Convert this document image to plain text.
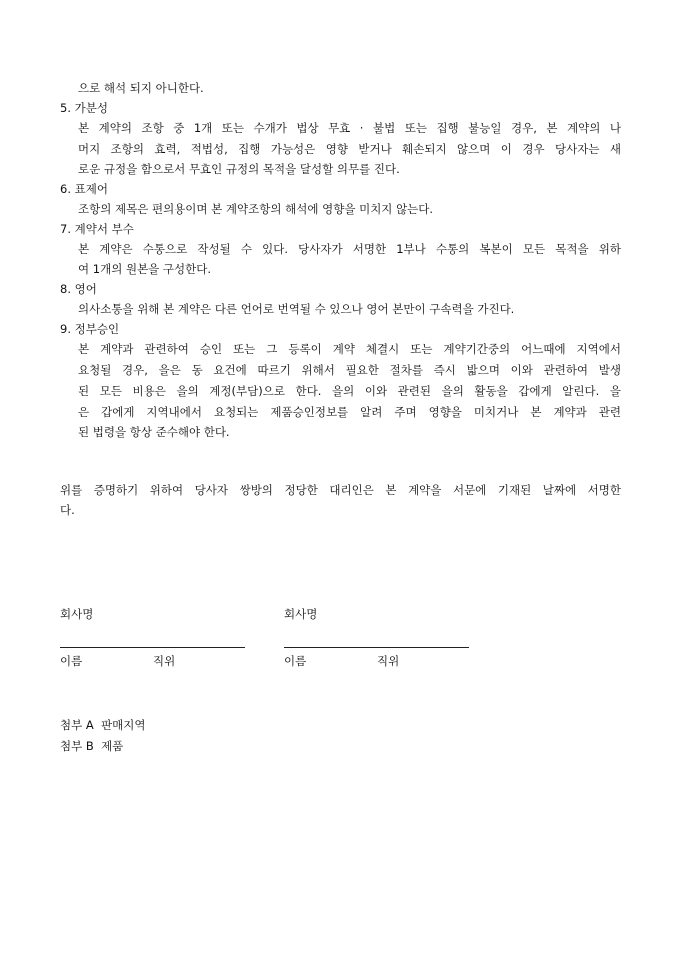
으로 해석 되지 아니한다.
5. 가분성
본 계약의 조항 중 1개 또는 수개가 법상 무효 · 불법 또는 집행 불능일 경우, 본 계약의 나
머지 조항의 효력, 적법성, 집행 가능성은 영향 받거나 훼손되지 않으며 이 경우 당사자는 새
로운 규정을 함으로서 무효인 규정의 목적을 달성할 의무를 진다.
6. 표제어
조항의 제목은 편의용이며 본 계약조항의 해석에 영향을 미치지 않는다.
7. 계약서 부수
본 계약은 수통으로 작성될 수 있다. 당사자가 서명한 1부나 수통의 복본이 모든 목적을 위하
여 1개의 원본을 구성한다.
8. 영어
의사소통을 위해 본 계약은 다른 언어로 번역될 수 있으나 영어 본만이 구속력을 가진다.
9. 정부승인
본 계약과 관련하여 승인 또는 그 등록이 계약 체결시 또는 계약기간중의 어느때에 지역에서
요청될 경우, 을은 동 요건에 따르기 위해서 필요한 절차를 즉시 밟으며 이와 관련하여 발생
된 모든 비용은 을의 계정(부담)으로 한다. 을의 이와 관련된 을의 활동을 갑에게 알린다. 을
은 갑에게 지역내에서 요청되는 제품승인정보를 알려 주며 영향을 미치거나 본 계약과 관련
된 법령을 항상 준수해야 한다.
위를 증명하기 위하여 당사자 쌍방의 정당한 대리인은 본 계약을 서문에 기재된 날짜에 서명한
다.
회사명
이름	직위
회사명
이름	직위
첨부 A  판매지역
첨부 B  제품
